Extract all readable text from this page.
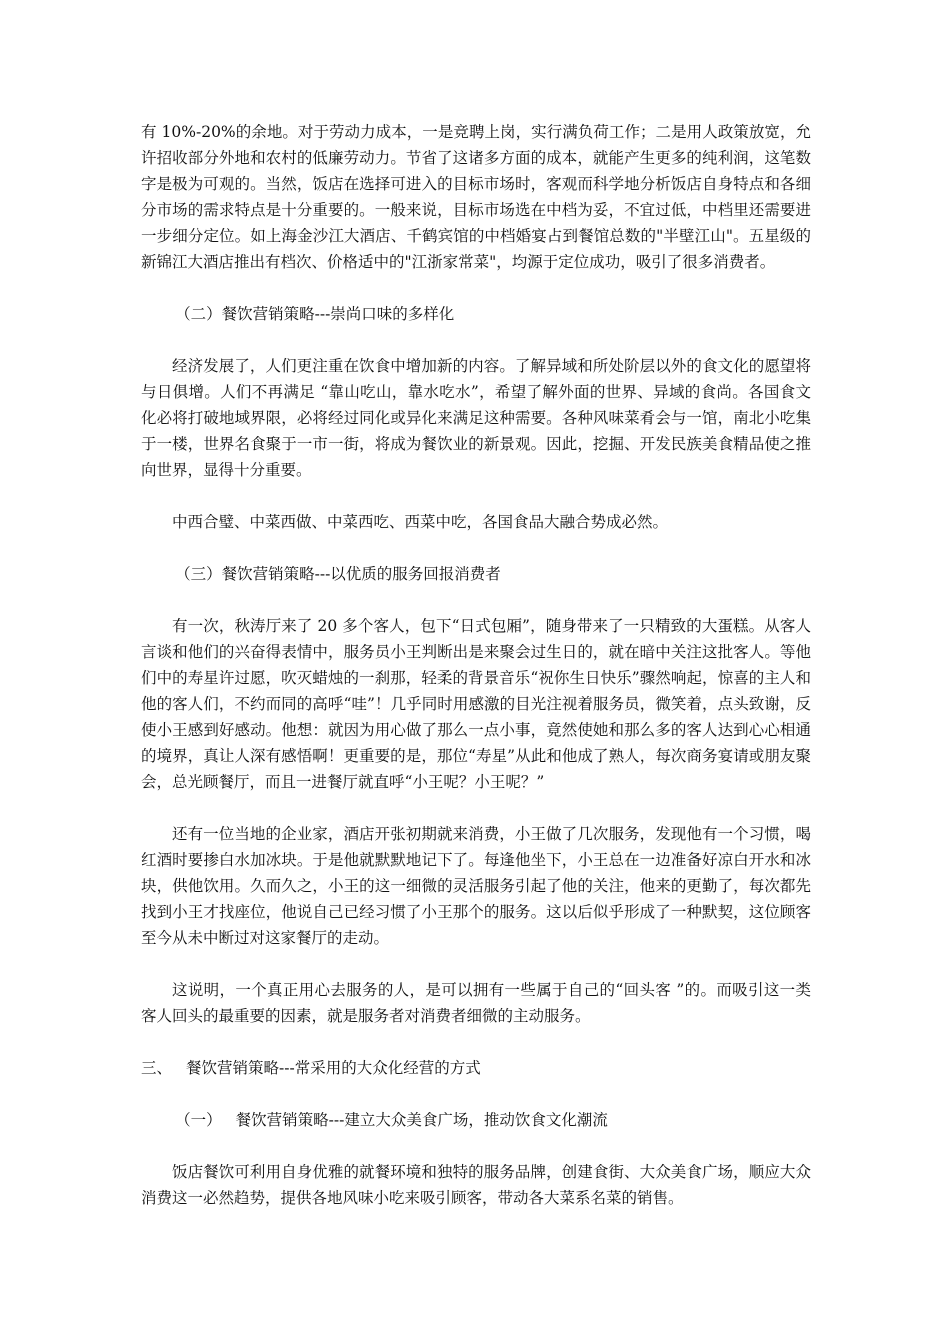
有 10%-20%的余地。对于劳动力成本，一是竞聘上岗，实行满负荷工作；二是用人政策放宽，允许招收部分外地和农村的低廉劳动力。节省了这诸多方面的成本，就能产生更多的纯利润，这笔数字是极为可观的。当然，饭店在选择可进入的目标市场时，客观而科学地分析饭店自身特点和各细分市场的需求特点是十分重要的。一般来说，目标市场选在中档为妥，不宜过低，中档里还需要进一步细分定位。如上海金沙江大酒店、千鹤宾馆的中档婚宴占到餐馆总数的"半壁江山"。五星级的新锦江大酒店推出有档次、价格适中的"江浙家常菜"，均源于定位成功，吸引了很多消费者。

（二）餐饮营销策略---崇尚口味的多样化

经济发展了，人们更注重在饮食中增加新的内容。了解异域和所处阶层以外的食文化的愿望将与日俱增。人们不再满足 “靠山吃山，靠水吃水”，希望了解外面的世界、异域的食尚。各国食文化必将打破地域界限，必将经过同化或异化来满足这种需要。各种风味菜肴会与一馆，南北小吃集于一楼，世界名食聚于一市一街，将成为餐饮业的新景观。因此，挖掘、开发民族美食精品使之推向世界，显得十分重要。

中西合璧、中菜西做、中菜西吃、西菜中吃，各国食品大融合势成必然。

（三）餐饮营销策略---以优质的服务回报消费者

有一次，秋涛厅来了 20 多个客人，包下“日式包厢”，随身带来了一只精致的大蛋糕。从客人言谈和他们的兴奋得表情中，服务员小王判断出是来聚会过生日的，就在暗中关注这批客人。等他们中的寿星许过愿，吹灭蜡烛的一刹那，轻柔的背景音乐“祝你生日快乐”骤然响起，惊喜的主人和他的客人们，不约而同的高呼“哇”！几乎同时用感激的目光注视着服务员，微笑着，点头致谢，反使小王感到好感动。他想：就因为用心做了那么一点小事，竟然使她和那么多的客人达到心心相通的境界，真让人深有感悟啊！更重要的是，那位“寿星”从此和他成了熟人，每次商务宴请或朋友聚会，总光顾餐厅，而且一进餐厅就直呼“小王呢？小王呢？”

还有一位当地的企业家，酒店开张初期就来消费，小王做了几次服务，发现他有一个习惯，喝红酒时要掺白水加冰块。于是他就默默地记下了。每逢他坐下，小王总在一边准备好凉白开水和冰块，供他饮用。久而久之，小王的这一细微的灵活服务引起了他的关注，他来的更勤了，每次都先找到小王才找座位，他说自己已经习惯了小王那个的服务。这以后似乎形成了一种默契，这位顾客至今从未中断过对这家餐厅的走动。

这说明，一个真正用心去服务的人，是可以拥有一些属于自己的“回头客 ”的。而吸引这一类客人回头的最重要的因素，就是服务者对消费者细微的主动服务。

三、 餐饮营销策略---常采用的大众化经营的方式
（一） 餐饮营销策略---建立大众美食广场，推动饮食文化潮流

饭店餐饮可利用自身优雅的就餐环境和独特的服务品牌，创建食街、大众美食广场，顺应大众消费这一必然趋势，提供各地风味小吃来吸引顾客，带动各大菜系名菜的销售。
